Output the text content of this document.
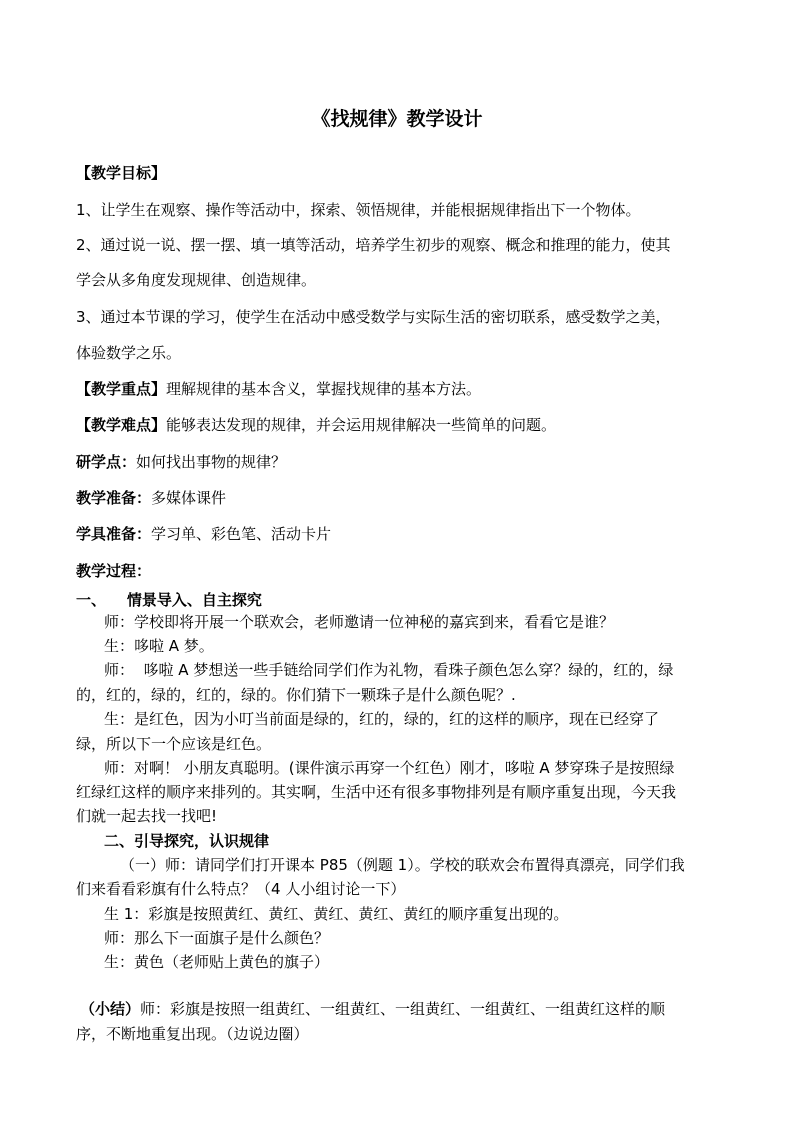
《找规律》教学设计
【教学目标】
1、让学生在观察、操作等活动中，探索、领悟规律，并能根据规律指出下一个物体。
2、通过说一说、摆一摆、填一填等活动，培养学生初步的观察、概念和推理的能力，使其
学会从多角度发现规律、创造规律。
3、通过本节课的学习，使学生在活动中感受数学与实际生活的密切联系，感受数学之美，
体验数学之乐。
【教学重点】理解规律的基本含义，掌握找规律的基本方法。
【教学难点】能够表达发现的规律，并会运用规律解决一些简单的问题。
研学点：如何找出事物的规律？
教学准备：多媒体课件
学具准备：学习单、彩色笔、活动卡片
教学过程：
一、    情景导入、自主探究
师：学校即将开展一个联欢会，老师邀请一位神秘的嘉宾到来，看看它是谁？
生：哆啦 A 梦。
师：  哆啦 A 梦想送一些手链给同学们作为礼物，看珠子颜色怎么穿？绿的，红的，绿
的，红的，绿的，红的，绿的。你们猜下一颗珠子是什么颜色呢？.
生：是红色，因为小叮当前面是绿的，红的，绿的，红的这样的顺序，现在已经穿了
绿，所以下一个应该是红色。
师：对啊！ 小朋友真聪明。(课件演示再穿一个红色）刚才，哆啦 A 梦穿珠子是按照绿
红绿红这样的顺序来排列的。其实啊，生活中还有很多事物排列是有顺序重复出现，今天我
们就一起去找一找吧!
二、引导探究，认识规律
（一）师：请同学们打开课本 P85（例题 1）。学校的联欢会布置得真漂亮，同学们我
们来看看彩旗有什么特点？（4 人小组讨论一下）
生 1：彩旗是按照黄红、黄红、黄红、黄红、黄红的顺序重复出现的。
师：那么下一面旗子是什么颜色？
生：黄色（老师贴上黄色的旗子）
（小结）师：彩旗是按照一组黄红、一组黄红、一组黄红、一组黄红、一组黄红这样的顺
序，不断地重复出现。（边说边圈）
